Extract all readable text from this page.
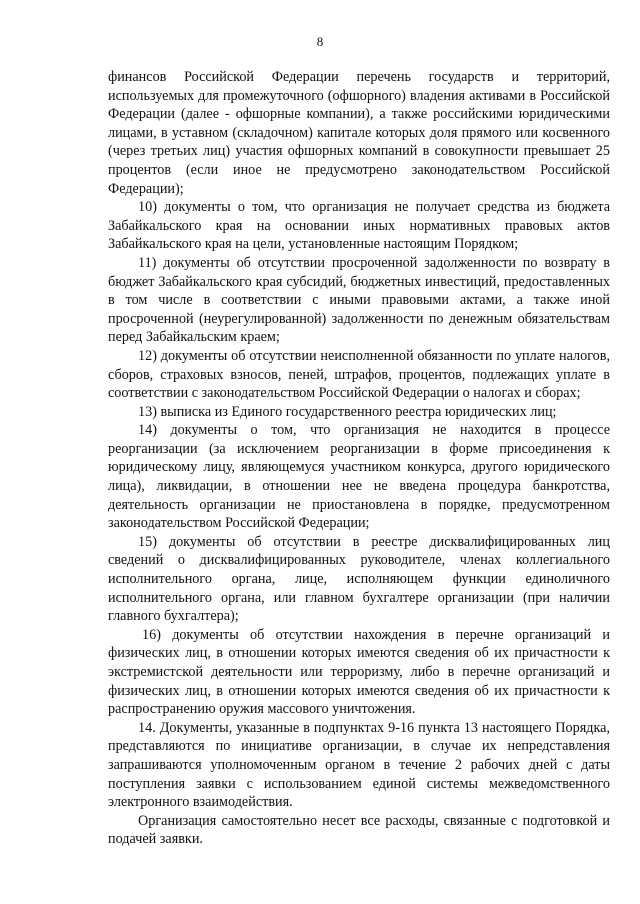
8

финансов Российской Федерации перечень государств и территорий, используемых для промежуточного (офшорного) владения активами в Российской Федерации (далее - офшорные компании), а также российскими юридическими лицами, в уставном (складочном) капитале которых доля прямого или косвенного (через третьих лиц) участия офшорных компаний в совокупности превышает 25 процентов (если иное не предусмотрено законодательством Российской Федерации);

10) документы о том, что организация не получает средства из бюджета Забайкальского края на основании иных нормативных правовых актов Забайкальского края на цели, установленные настоящим Порядком;

11) документы об отсутствии просроченной задолженности по возврату в бюджет Забайкальского края субсидий, бюджетных инвестиций, предоставленных в том числе в соответствии с иными правовыми актами, а также иной просроченной (неурегулированной) задолженности по денежным обязательствам перед Забайкальским краем;

12) документы об отсутствии неисполненной обязанности по уплате налогов, сборов, страховых взносов, пеней, штрафов, процентов, подлежащих уплате в соответствии с законодательством Российской Федерации о налогах и сборах;

13) выписка из Единого государственного реестра юридических лиц;

14) документы о том, что организация не находится в процессе реорганизации (за исключением реорганизации в форме присоединения к юридическому лицу, являющемуся участником конкурса, другого юридического лица), ликвидации, в отношении нее не введена процедура банкротства, деятельность организации не приостановлена в порядке, предусмотренном законодательством Российской Федерации;

15) документы об отсутствии в реестре дисквалифицированных лиц сведений о дисквалифицированных руководителе, членах коллегиального исполнительного органа, лице, исполняющем функции единоличного исполнительного органа, или главном бухгалтере организации (при наличии главного бухгалтера);

16) документы об отсутствии нахождения в перечне организаций и физических лиц, в отношении которых имеются сведения об их причастности к экстремистской деятельности или терроризму, либо в перечне организаций и физических лиц, в отношении которых имеются сведения об их причастности к распространению оружия массового уничтожения.

14. Документы, указанные в подпунктах 9-16 пункта 13 настоящего Порядка, представляются по инициативе организации, в случае их непредставления запрашиваются уполномоченным органом в течение 2 рабочих дней с даты поступления заявки с использованием единой системы межведомственного электронного взаимодействия.

Организация самостоятельно несет все расходы, связанные с подготовкой и подачей заявки.
